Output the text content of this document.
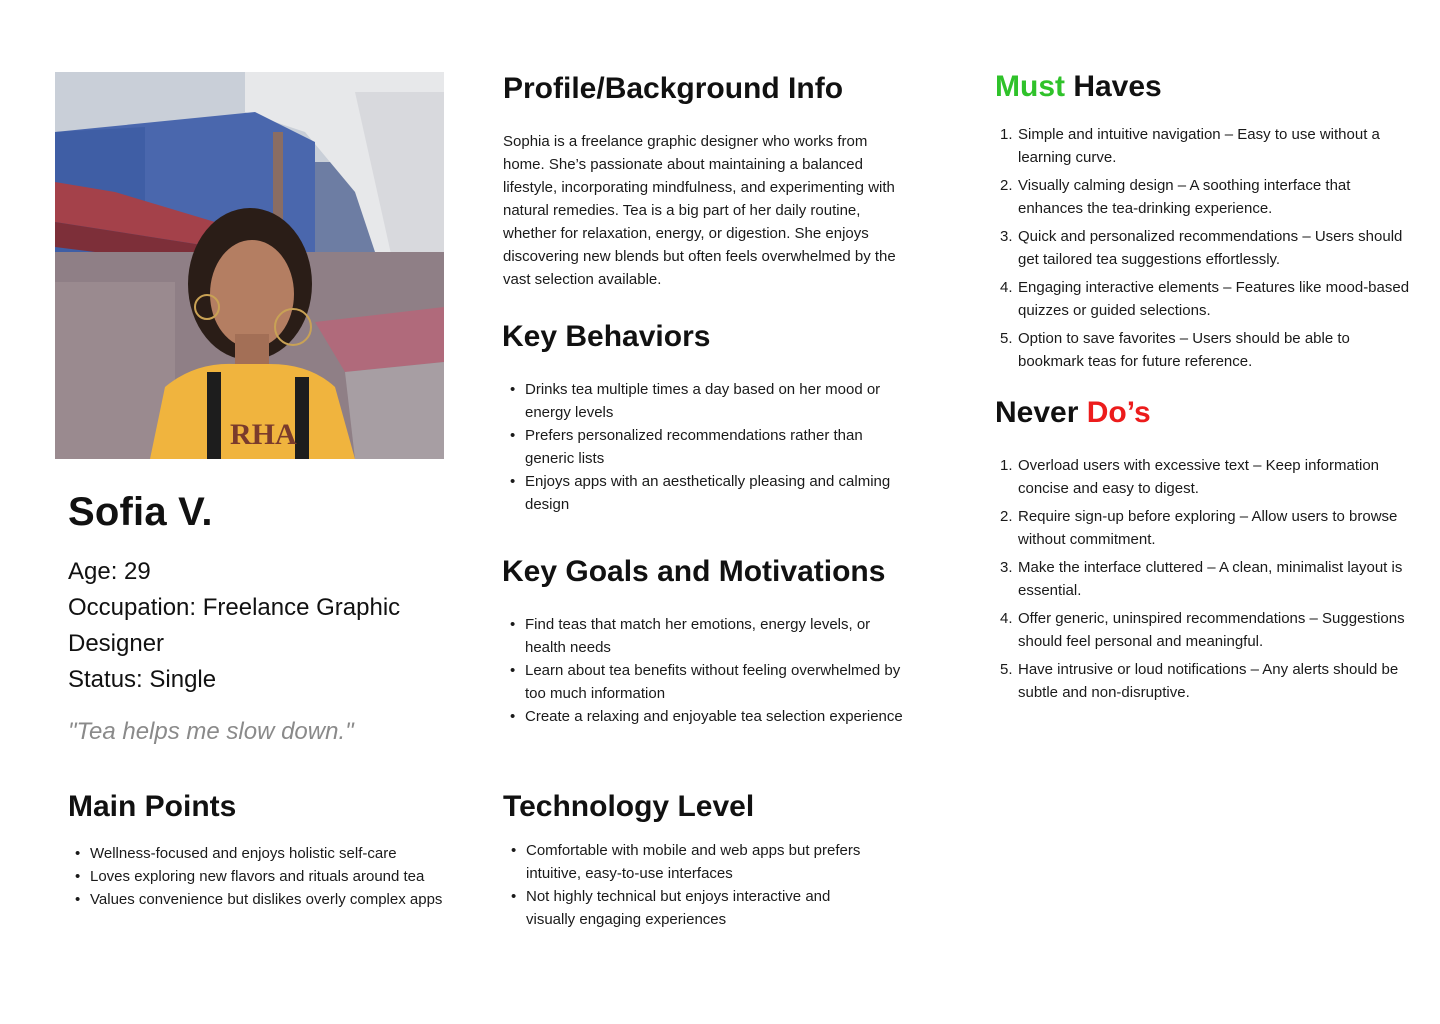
RHA
Sofia V.
Age: 29
Occupation: Freelance Graphic Designer
Status: Single
"Tea helps me slow down."
Main Points
• Wellness-focused and enjoys holistic self-care
• Loves exploring new flavors and rituals around tea
• Values convenience but dislikes overly complex apps
Profile/Background Info

Sophia is a freelance graphic designer who works from home. She’s passionate about maintaining a balanced lifestyle, incorporating mindfulness, and experimenting with natural remedies. Tea is a big part of her daily routine, whether for relaxation, energy, or digestion. She enjoys discovering new blends but often feels overwhelmed by the vast selection available.

Key Behaviors
• Drinks tea multiple times a day based on her mood or energy levels
• Prefers personalized recommendations rather than generic lists
• Enjoys apps with an aesthetically pleasing and calming design
Key Goals and Motivations
• Find teas that match her emotions, energy levels, or health needs
• Learn about tea benefits without feeling overwhelmed by too much information
• Create a relaxing and enjoyable tea selection experience
Technology Level
• Comfortable with mobile and web apps but prefers intuitive, easy-to-use interfaces
• Not highly technical but enjoys interactive and visually engaging experiences
Must Haves
1. Simple and intuitive navigation – Easy to use without a learning curve.
2. Visually calming design – A soothing interface that enhances the tea-drinking experience.
3. Quick and personalized recommendations – Users should get tailored tea suggestions effortlessly.
4. Engaging interactive elements – Features like mood-based quizzes or guided selections.
5. Option to save favorites – Users should be able to bookmark teas for future reference.
Never Do’s
1. Overload users with excessive text – Keep information concise and easy to digest.
2. Require sign-up before exploring – Allow users to browse without commitment.
3. Make the interface cluttered – A clean, minimalist layout is essential.
4. Offer generic, uninspired recommendations – Suggestions should feel personal and meaningful.
5. Have intrusive or loud notifications – Any alerts should be subtle and non-disruptive.
